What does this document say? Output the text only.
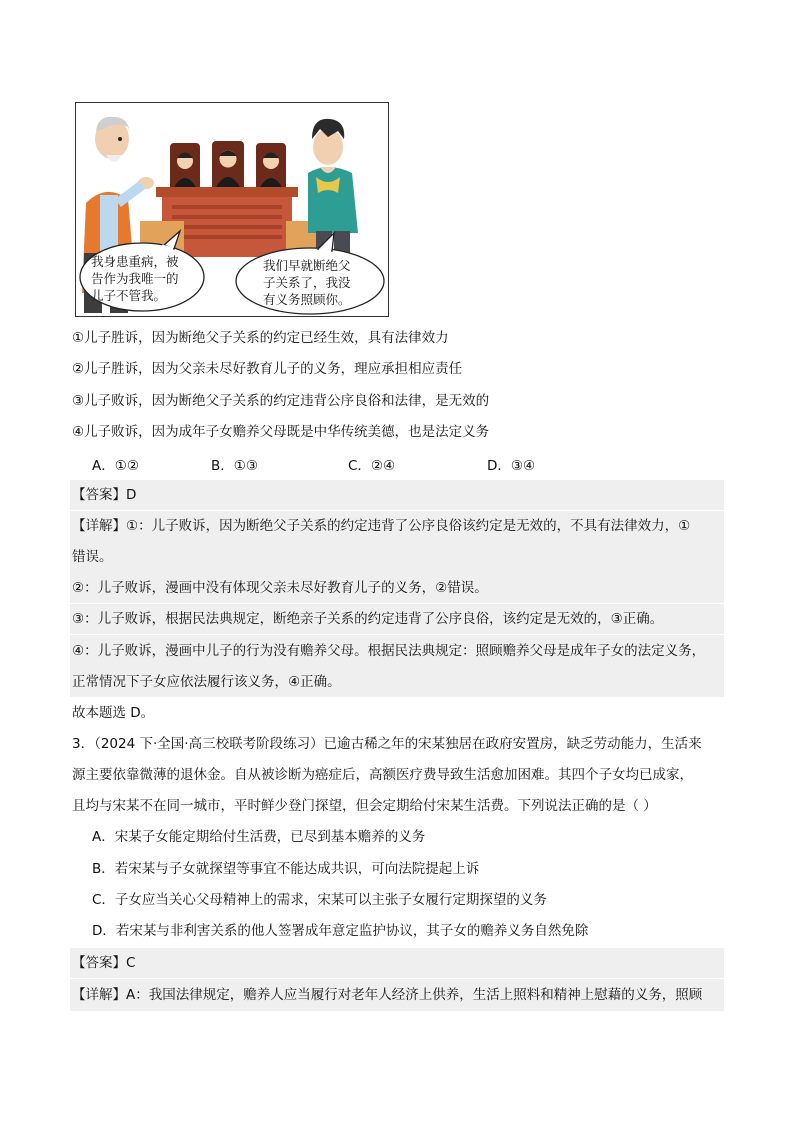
我身患重病，被
告作为我唯一的
儿子不管我。
我们早就断绝父
子关系了，我没
有义务照顾你。
①儿子胜诉，因为断绝父子关系的约定已经生效，具有法律效力
②儿子胜诉，因为父亲未尽好教育儿子的义务，理应承担相应责任
③儿子败诉，因为断绝父子关系的约定违背公序良俗和法律，是无效的
④儿子败诉，因为成年子女赡养父母既是中华传统美德，也是法定义务
A．①②	B．①③	C．②④	D．③④
【答案】D
【详解】①：儿子败诉，因为断绝父子关系的约定违背了公序良俗该约定是无效的，不具有法律效力，①
错误。
②：儿子败诉，漫画中没有体现父亲未尽好教育儿子的义务，②错误。
③：儿子败诉，根据民法典规定，断绝亲子关系的约定违背了公序良俗，该约定是无效的，③正确。
④：儿子败诉，漫画中儿子的行为没有赡养父母。根据民法典规定：照顾赡养父母是成年子女的法定义务，
正常情况下子女应依法履行该义务，④正确。
故本题选 D。
3．（2024 下·全国·高三校联考阶段练习）已逾古稀之年的宋某独居在政府安置房，缺乏劳动能力，生活来
源主要依靠微薄的退休金。自从被诊断为癌症后，高额医疗费导致生活愈加困难。其四个子女均已成家，
且均与宋某不在同一城市，平时鲜少登门探望，但会定期给付宋某生活费。下列说法正确的是（ ）
A．宋某子女能定期给付生活费，已尽到基本赡养的义务
B．若宋某与子女就探望等事宜不能达成共识，可向法院提起上诉
C．子女应当关心父母精神上的需求，宋某可以主张子女履行定期探望的义务
D．若宋某与非利害关系的他人签署成年意定监护协议，其子女的赡养义务自然免除
【答案】C
【详解】A：我国法律规定，赡养人应当履行对老年人经济上供养，生活上照料和精神上慰藉的义务，照顾
